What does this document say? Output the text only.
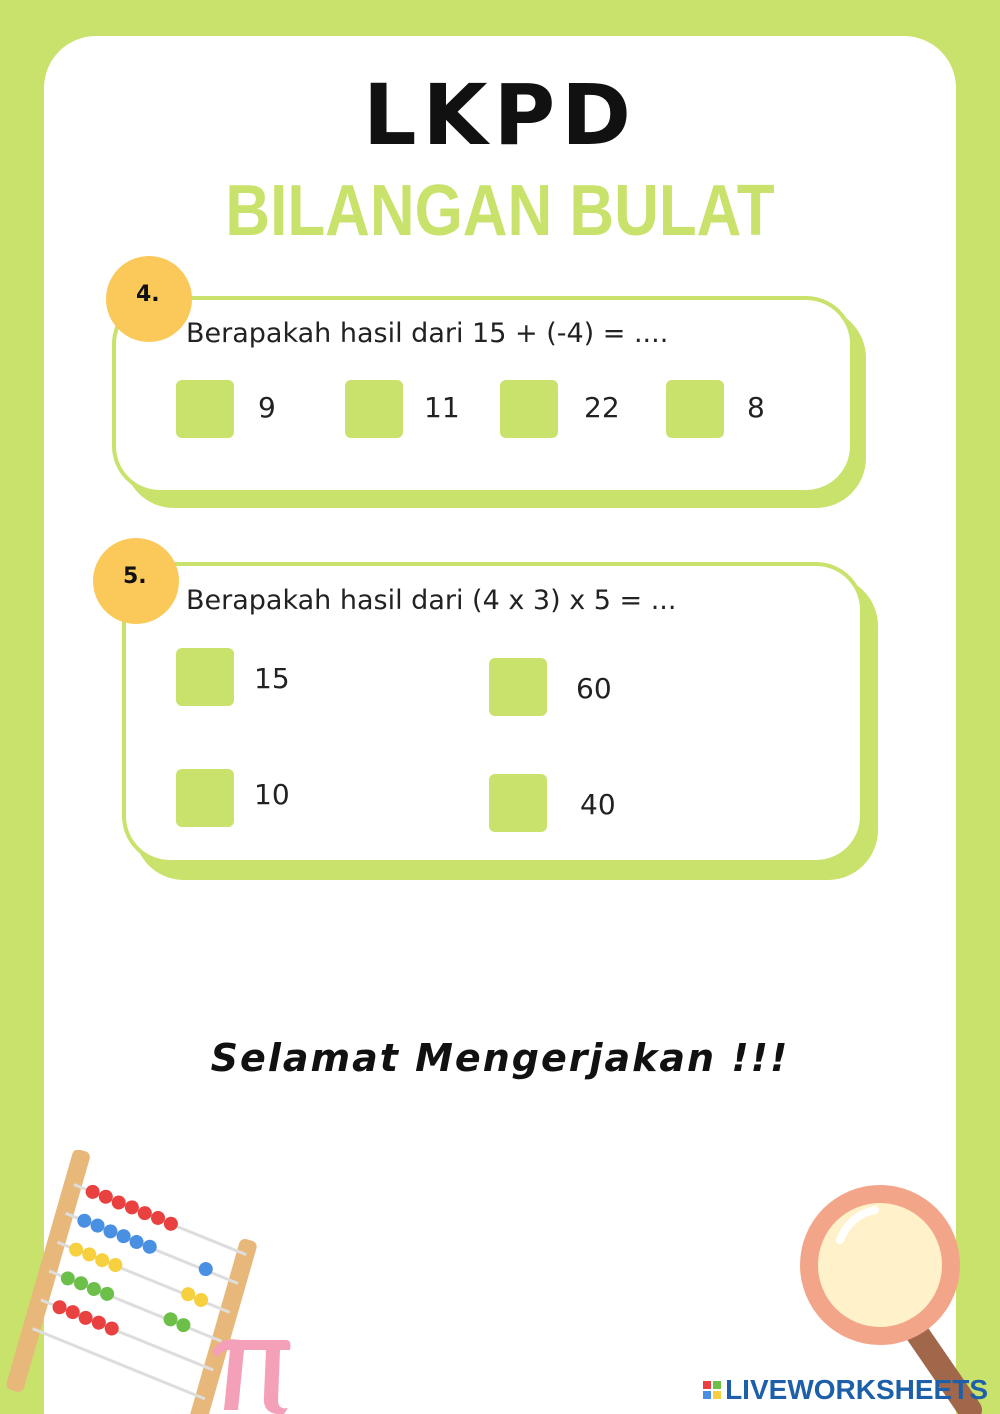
LKPD
BILANGAN BULAT
4.
Berapakah hasil dari 15 + (-4) = ....
9	11	22	8
5.
Berapakah hasil dari (4 x 3) x 5 = ...
15	60
10	40
Selamat Mengerjakan !!!
LIVEWORKSHEETS
